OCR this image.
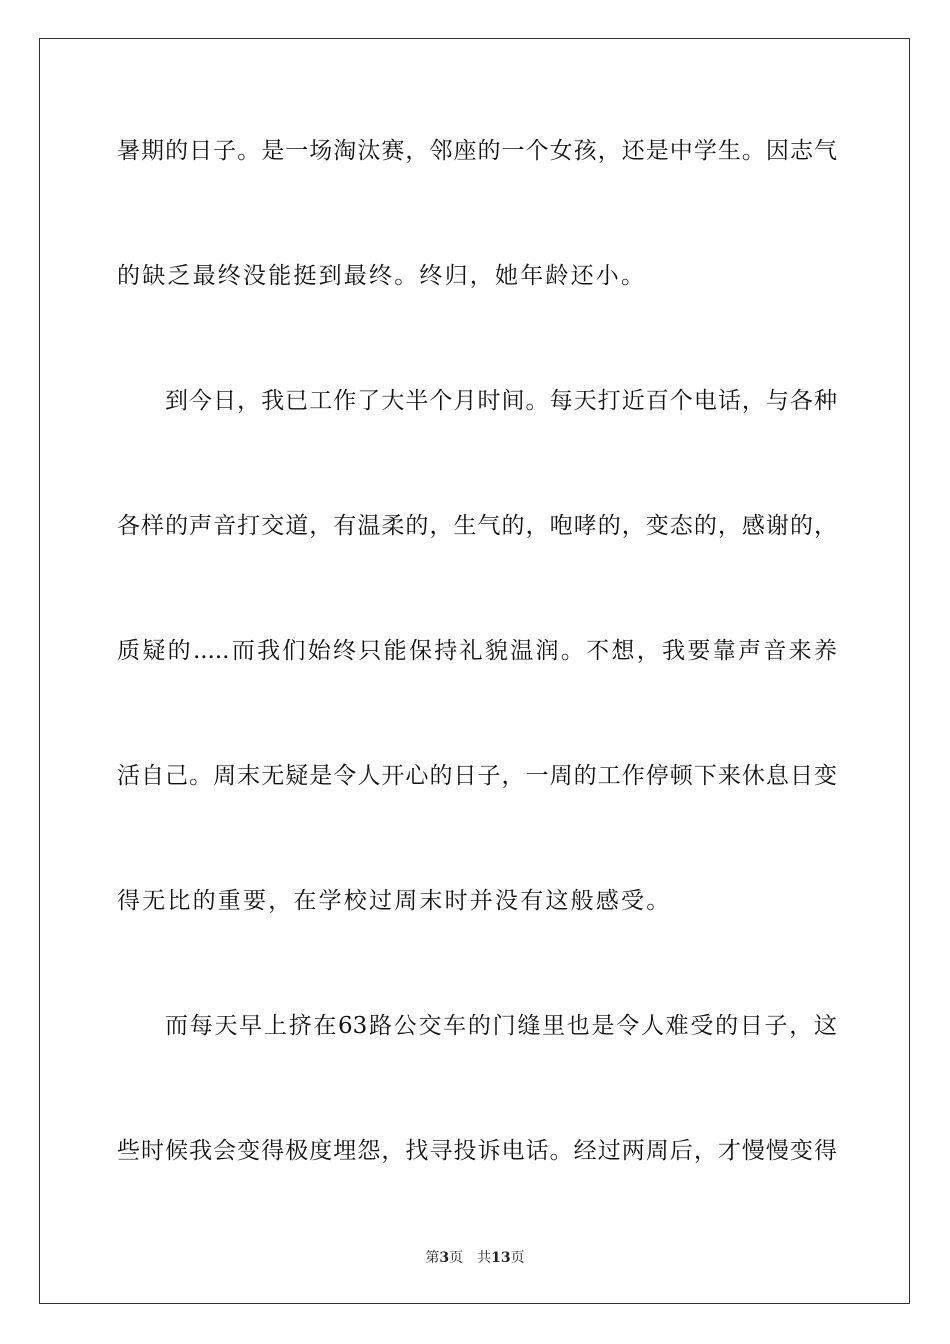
暑期的日子。是一场淘汰赛，邻座的一个女孩，还是中学生。因志气
的缺乏最终没能挺到最终。终归，她年龄还小。
到今日，我已工作了大半个月时间。每天打近百个电话，与各种
各样的声音打交道，有温柔的，生气的，咆哮的，变态的，感谢的，
质疑的.....而我们始终只能保持礼貌温润。不想，我要靠声音来养
活自己。周末无疑是令人开心的日子，一周的工作停顿下来休息日变
得无比的重要，在学校过周末时并没有这般感受。
而每天早上挤在63路公交车的门缝里也是令人难受的日子，这
些时候我会变得极度埋怨，找寻投诉电话。经过两周后，才慢慢变得
第3页 共13页
